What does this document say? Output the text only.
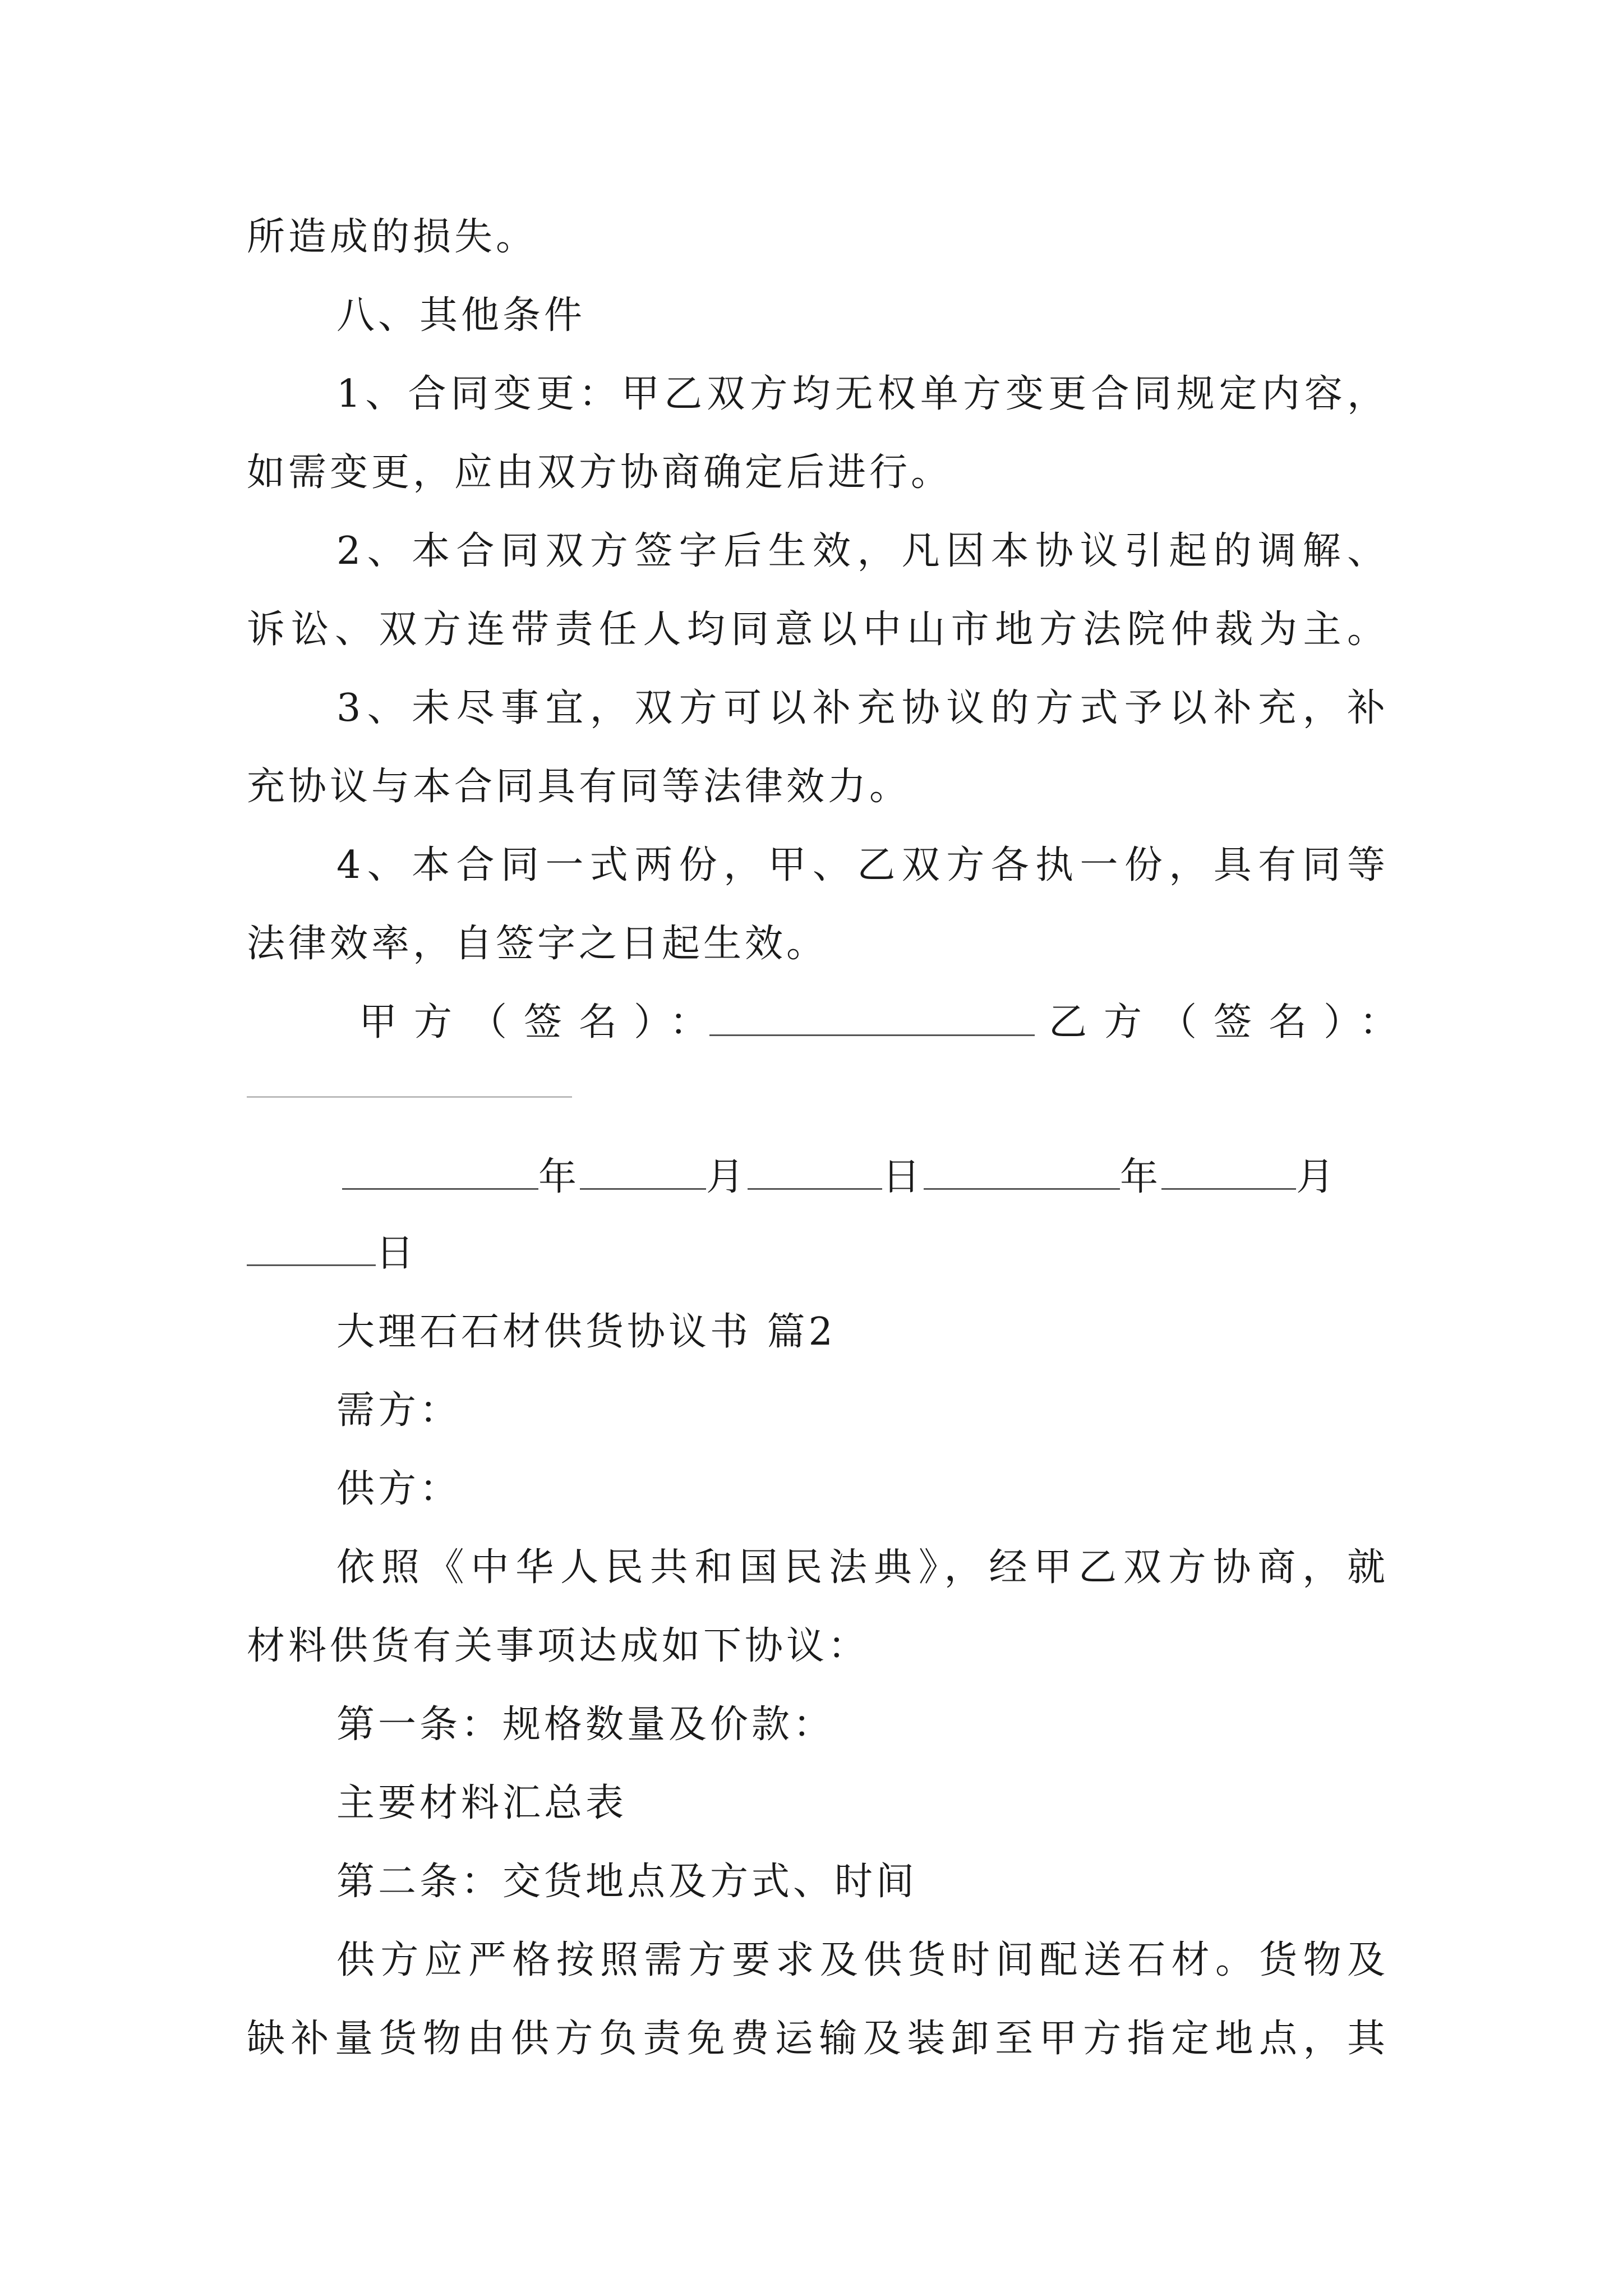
所造成的损失。
八、其他条件
1、合同变更：甲乙双方均无权单方变更合同规定内容，
如需变更，应由双方协商确定后进行。
2、本合同双方签字后生效，凡因本协议引起的调解、
诉讼、双方连带责任人均同意以中山市地方法院仲裁为主。
3、未尽事宜，双方可以补充协议的方式予以补充，补
充协议与本合同具有同等法律效力。
4、本合同一式两份，甲、乙双方各执一份，具有同等
法律效率，自签字之日起生效。
甲方（签名）：	乙方（签名）：
年	月	日	年	月
日
大理石石材供货协议书 篇2
需方：
供方：
依照《中华人民共和国民法典》，经甲乙双方协商，就
材料供货有关事项达成如下协议：
第一条：规格数量及价款：
主要材料汇总表
第二条：交货地点及方式、时间
供方应严格按照需方要求及供货时间配送石材。货物及
缺补量货物由供方负责免费运输及装卸至甲方指定地点，其
